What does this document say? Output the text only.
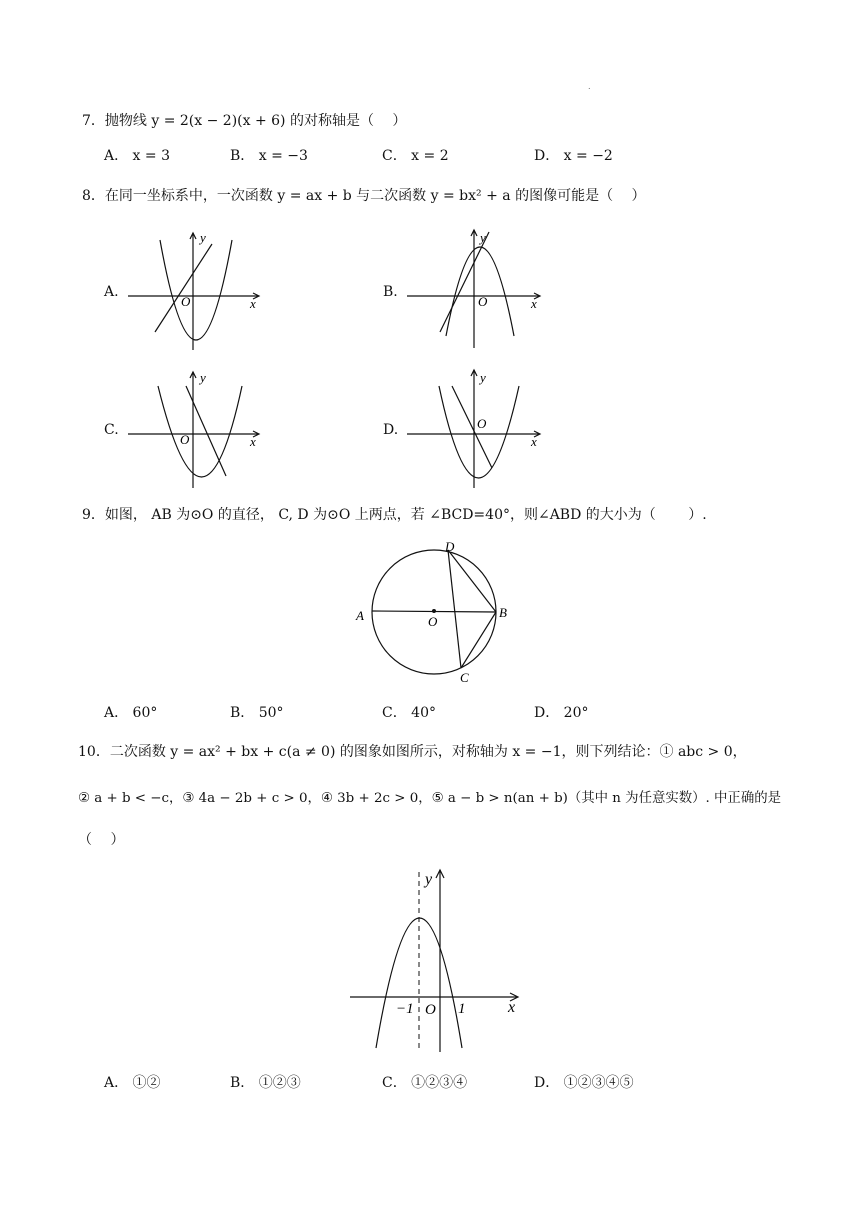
.
7．抛物线 y = 2(x − 2)(x + 6) 的对称轴是（　 ）
A． x = 3	B． x = −3	C． x = 2	D． x = −2
8．在同一坐标系中，一次函数 y = ax + b 与二次函数 y = bx² + a 的图像可能是（　 ）
A.	B.
C.	D.
y
x
O
y
x
O
y
x
O
y
x
O
9．如图， AB 为⊙O 的直径， C, D 为⊙O 上两点，若 ∠BCD=40°，则∠ABD 的大小为（　　 ）.
A	B
C
D
O
A． 60°	B． 50°	C． 40°	D． 20°
10．二次函数 y = ax² + bx + c(a ≠ 0) 的图象如图所示，对称轴为 x = −1，则下列结论：① abc > 0，
② a + b < −c，③ 4a − 2b + c > 0，④ 3b + 2c > 0，⑤ a − b > n(an + b)（其中 n 为任意实数）. 中正确的是
（　 ）
y
x
O
−1	1
A． ①②	B． ①②③	C． ①②③④	D． ①②③④⑤
